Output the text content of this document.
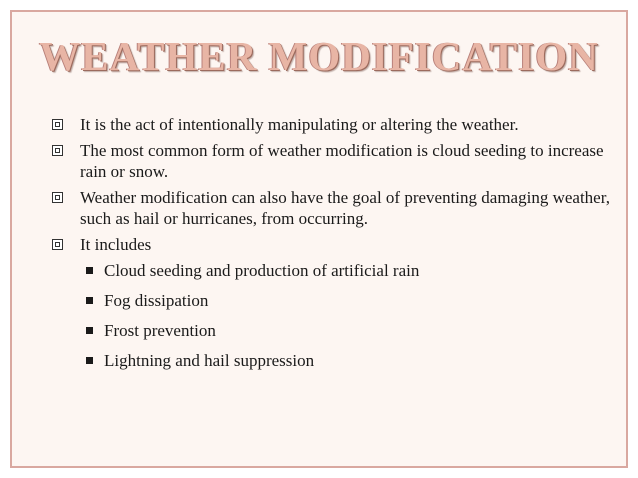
WEATHER MODIFICATION
It is the act of intentionally manipulating or altering the weather.
The most common form of weather modification is cloud seeding to increase rain or snow.
Weather modification can also have the goal of preventing damaging weather, such as hail or hurricanes, from occurring.
It includes
Cloud seeding and production of artificial rain
Fog dissipation
Frost prevention
Lightning and hail suppression
